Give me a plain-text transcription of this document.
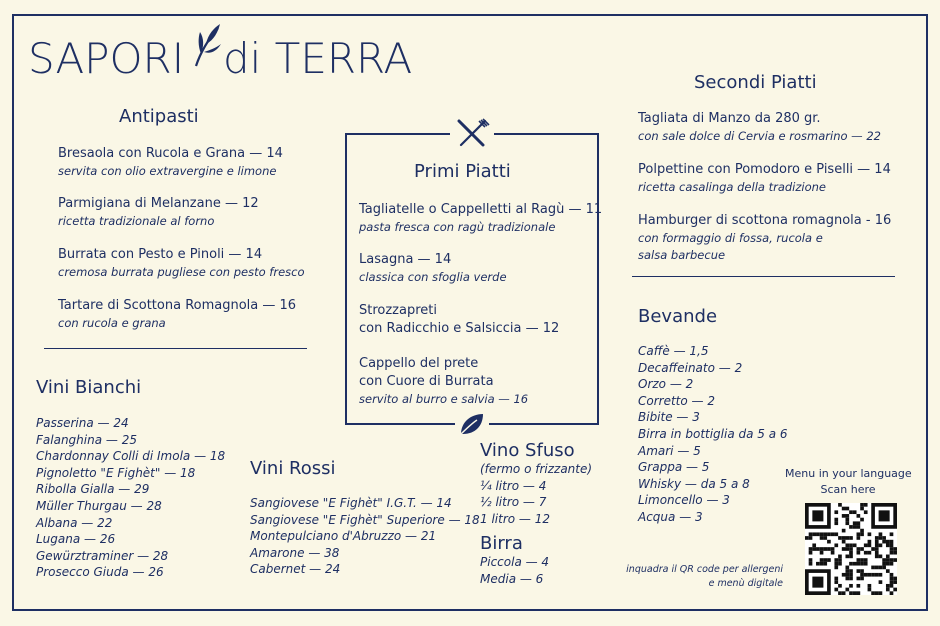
SAPORI di TERRA
Antipasti
Bresaola con Rucola e Grana — 14
servita con olio extravergine e limone
Parmigiana di Melanzane — 12
ricetta tradizionale al forno
Burrata con Pesto e Pinoli — 14
cremosa burrata pugliese con pesto fresco
Tartare di Scottona Romagnola — 16
con rucola e grana
Primi Piatti
Tagliatelle o Cappelletti al Ragù — 11
pasta fresca con ragù tradizionale
Lasagna — 14
classica con sfoglia verde
Strozzapreti
con Radicchio e Salsiccia — 12
Cappello del prete
con Cuore di Burrata
servito al burro e salvia — 16
Secondi Piatti
Tagliata di Manzo da 280 gr.
con sale dolce di Cervia e rosmarino — 22
Polpettine con Pomodoro e Piselli — 14
ricetta casalinga della tradizione
Hamburger di scottona romagnola - 16
con formaggio di fossa, rucola e
salsa barbecue
Vini Bianchi
Passerina — 24
Falanghina — 25
Chardonnay Colli di Imola — 18
Pignoletto "E Fighèt" — 18
Ribolla Gialla — 29
Müller Thurgau — 28
Albana — 22
Lugana — 26
Gewürztraminer — 28
Prosecco Giuda — 26
Vini Rossi
Sangiovese "E Fighèt" I.G.T. — 14
Sangiovese "E Fighèt" Superiore — 18
Montepulciano d'Abruzzo — 21
Amarone — 38
Cabernet — 24
Vino Sfuso
(fermo o frizzante)
¼ litro — 4
½ litro — 7
1 litro — 12
Birra
Piccola — 4
Media — 6
Bevande
Caffè — 1,5
Decaffeinato — 2
Orzo — 2
Corretto — 2
Bibite — 3
Birra in bottiglia da 5 a 6
Amari — 5
Grappa — 5
Whisky — da 5 a 8
Limoncello — 3
Acqua — 3
Menu in your language
Scan here
inquadra il QR code per allergeni
e menù digitale
